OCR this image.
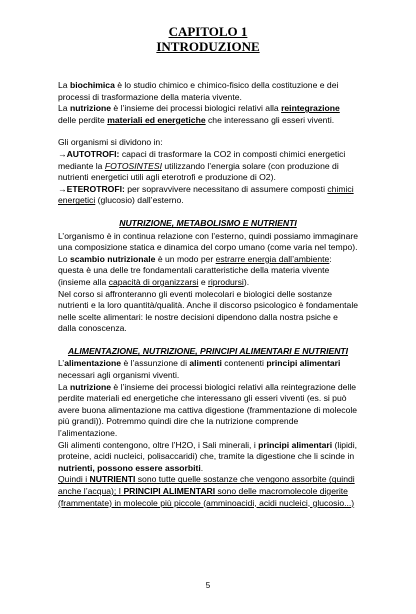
CAPITOLO 1
INTRODUZIONE

La biochimica è lo studio chimico e chimico-fisico della costituzione e dei processi di trasformazione della materia vivente.

La nutrizione è l’insieme dei processi biologici relativi alla reintegrazione delle perdite materiali ed energetiche che interessano gli esseri viventi.

Gli organismi si dividono in:

→AUTOTROFI: capaci di trasformare la CO2 in composti chimici energetici mediante la FOTOSINTESI utilizzando l’energia solare (con produzione di nutrienti energetici utili agli eterotrofi e produzione di O2).

→ETEROTROFI: per sopravvivere necessitano di assumere composti chimici energetici (glucosio) dall’esterno.

NUTRIZIONE, METABOLISMO E NUTRIENTI

L’organismo è in continua relazione con l’esterno, quindi possiamo immaginare una composizione statica e dinamica del corpo umano (come varia nel tempo).

Lo scambio nutrizionale è un modo per estrarre energia dall’ambiente: questa è una delle tre fondamentali caratteristiche della materia vivente (insieme alla capacità di organizzarsi e riprodursi).

Nel corso si affronteranno gli eventi molecolari e biologici delle sostanze nutrienti e la loro quantità/qualità. Anche il discorso psicologico è fondamentale nelle scelte alimentari: le nostre decisioni dipendono dalla nostra psiche e dalla conoscenza.

ALIMENTAZIONE, NUTRIZIONE, PRINCIPI ALIMENTARI E NUTRIENTI

L’alimentazione è l’assunzione di alimenti contenenti principi alimentari necessari agli organismi viventi.

La nutrizione è l’insieme dei processi biologici relativi alla reintegrazione delle perdite materiali ed energetiche che interessano gli esseri viventi (es. si può avere buona alimentazione ma cattiva digestione (frammentazione di molecole più grandi)). Potremmo quindi dire che la nutrizione comprende l’alimentazione.

Gli alimenti contengono, oltre l’H2O, i Sali minerali, i principi alimentari (lipidi, proteine, acidi nucleici, polisaccaridi) che, tramite la digestione che li scinde in nutrienti, possono essere assorbiti.

Quindi i NUTRIENTI sono tutte quelle sostanze che vengono assorbite (quindi anche l’acqua); I PRINCIPI ALIMENTARI sono delle macromolecole digerite (frammentate) in molecole più piccole (amminoacidi, acidi nucleici, glucosio...)

5
